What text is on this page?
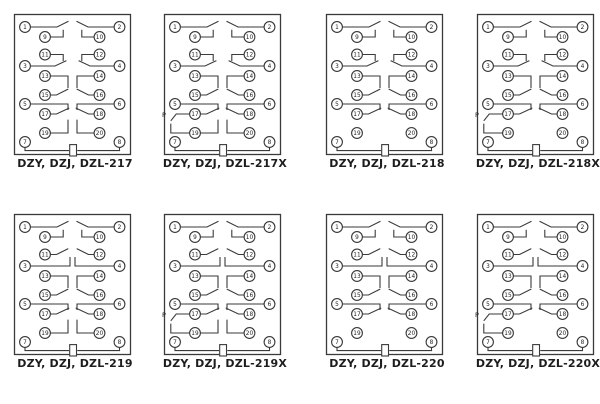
1
3
5
7
2
4
6
8
9
11
13
15
17
19
10
12
14
16
18
20
DZY, DZJ, DZL-217
1
3
5
7
2
4
6
8
9
11
13
15
17
19
10
12
14
16
18
20
P
DZY, DZJ, DZL-217X
1
3
5
7
2
4
6
8
9
11
13
15
17
19
10
12
14
16
18
20
DZY, DZJ, DZL-218
1
3
5
7
2
4
6
8
9
11
13
15
17
19
10
12
14
16
18
20
P
DZY, DZJ, DZL-218X
1
3
5
7
2
4
6
8
9
11
13
15
17
19
10
12
14
16
18
20
DZY, DZJ, DZL-219
1
3
5
7
2
4
6
8
9
11
13
15
17
19
10
12
14
16
18
20
P
DZY, DZJ, DZL-219X
1
3
5
7
2
4
6
8
9
11
13
15
17
19
10
12
14
16
18
20
DZY, DZJ, DZL-220
1
3
5
7
2
4
6
8
9
11
13
15
17
19
10
12
14
16
18
20
P
DZY, DZJ, DZL-220X
